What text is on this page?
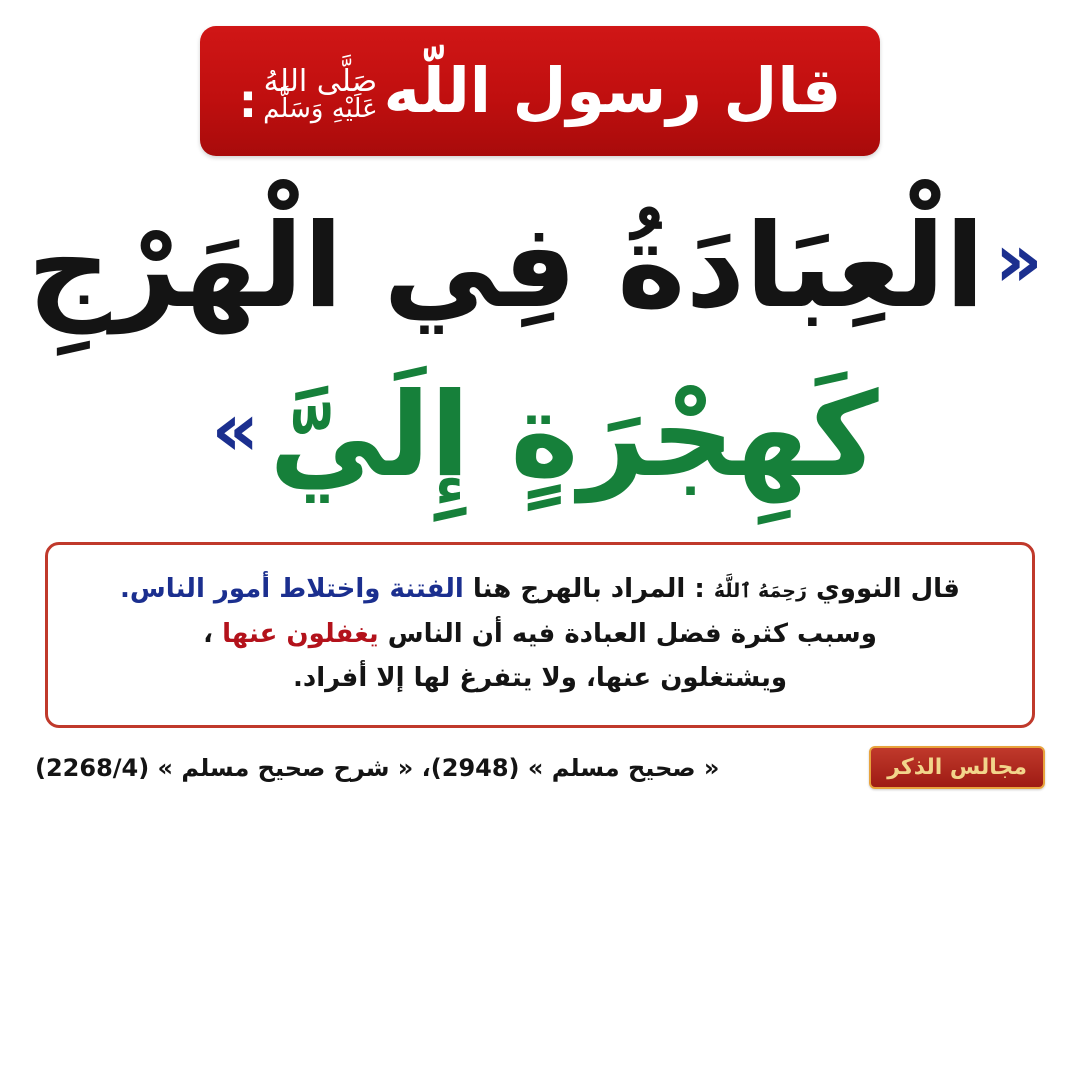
قال رسول اللّه
صَلَّى اللهُ
عَلَيْهِ وَسَلَّم
:
«
الْعِبَادَةُ فِي الْهَرْجِ
كَهِجْرَةٍ إِلَيَّ
»
قال النووي رَحِمَهُ ٱللَّهُ : المراد بالهرج هنا الفتنة واختلاط أمور الناس.
وسبب كثرة فضل العبادة فيه أن الناس يغفلون عنها ،
ويشتغلون عنها، ولا يتفرغ لها إلا أفراد.
مجالس الذكر
« صحيح مسلم » (2948)، « شرح صحيح مسلم » (2268/4)
